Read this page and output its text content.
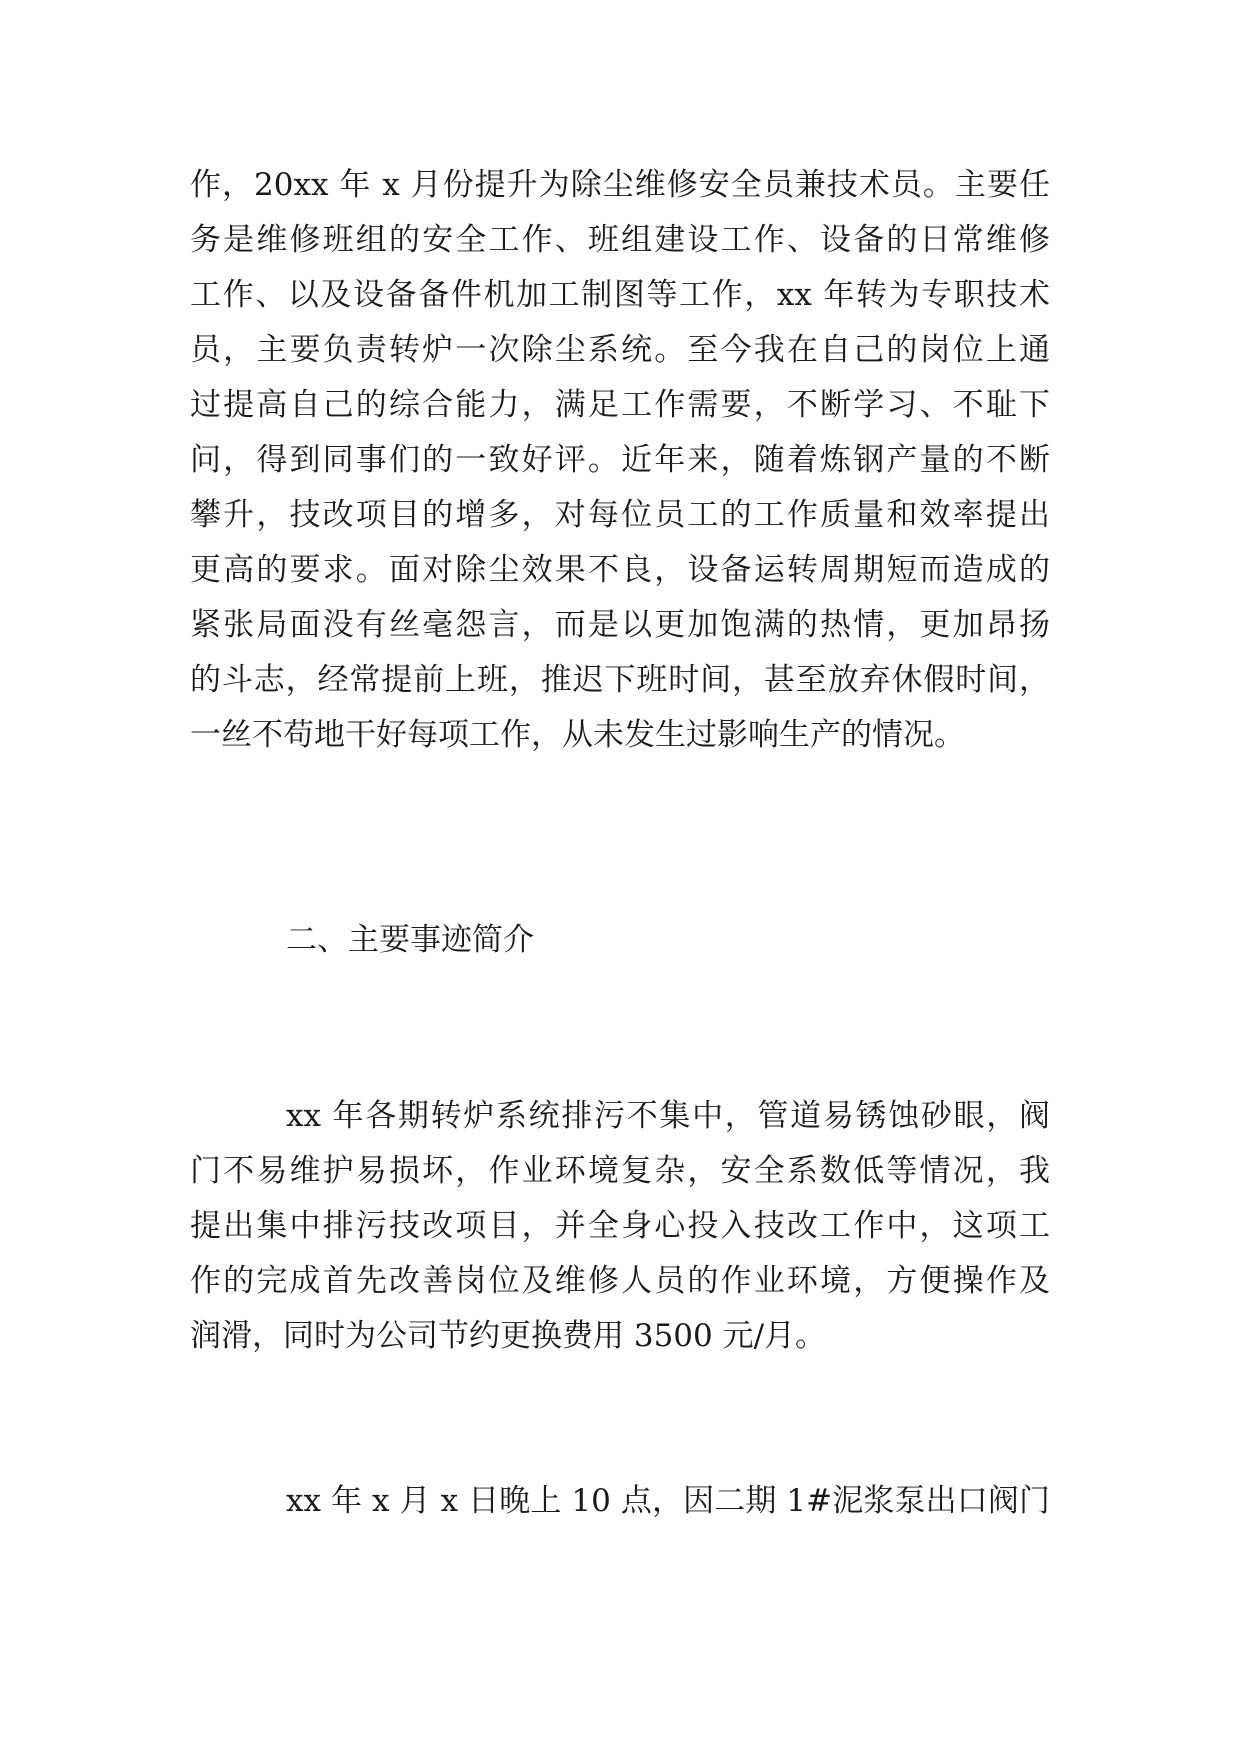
作，20xx 年 x 月份提升为除尘维修安全员兼技术员。主要任
务是维修班组的安全工作、班组建设工作、设备的日常维修
工作、以及设备备件机加工制图等工作，xx 年转为专职技术
员，主要负责转炉一次除尘系统。至今我在自己的岗位上通
过提高自己的综合能力，满足工作需要，不断学习、不耻下
问，得到同事们的一致好评。近年来，随着炼钢产量的不断
攀升，技改项目的增多，对每位员工的工作质量和效率提出
更高的要求。面对除尘效果不良，设备运转周期短而造成的
紧张局面没有丝毫怨言，而是以更加饱满的热情，更加昂扬
的斗志，经常提前上班，推迟下班时间，甚至放弃休假时间，
一丝不苟地干好每项工作，从未发生过影响生产的情况。
二、主要事迹简介
xx 年各期转炉系统排污不集中，管道易锈蚀砂眼，阀
门不易维护易损坏，作业环境复杂，安全系数低等情况，我
提出集中排污技改项目，并全身心投入技改工作中，这项工
作的完成首先改善岗位及维修人员的作业环境，方便操作及
润滑，同时为公司节约更换费用 3500 元/月。
xx 年 x 月 x 日晚上 10 点，因二期 1#泥浆泵出口阀门
